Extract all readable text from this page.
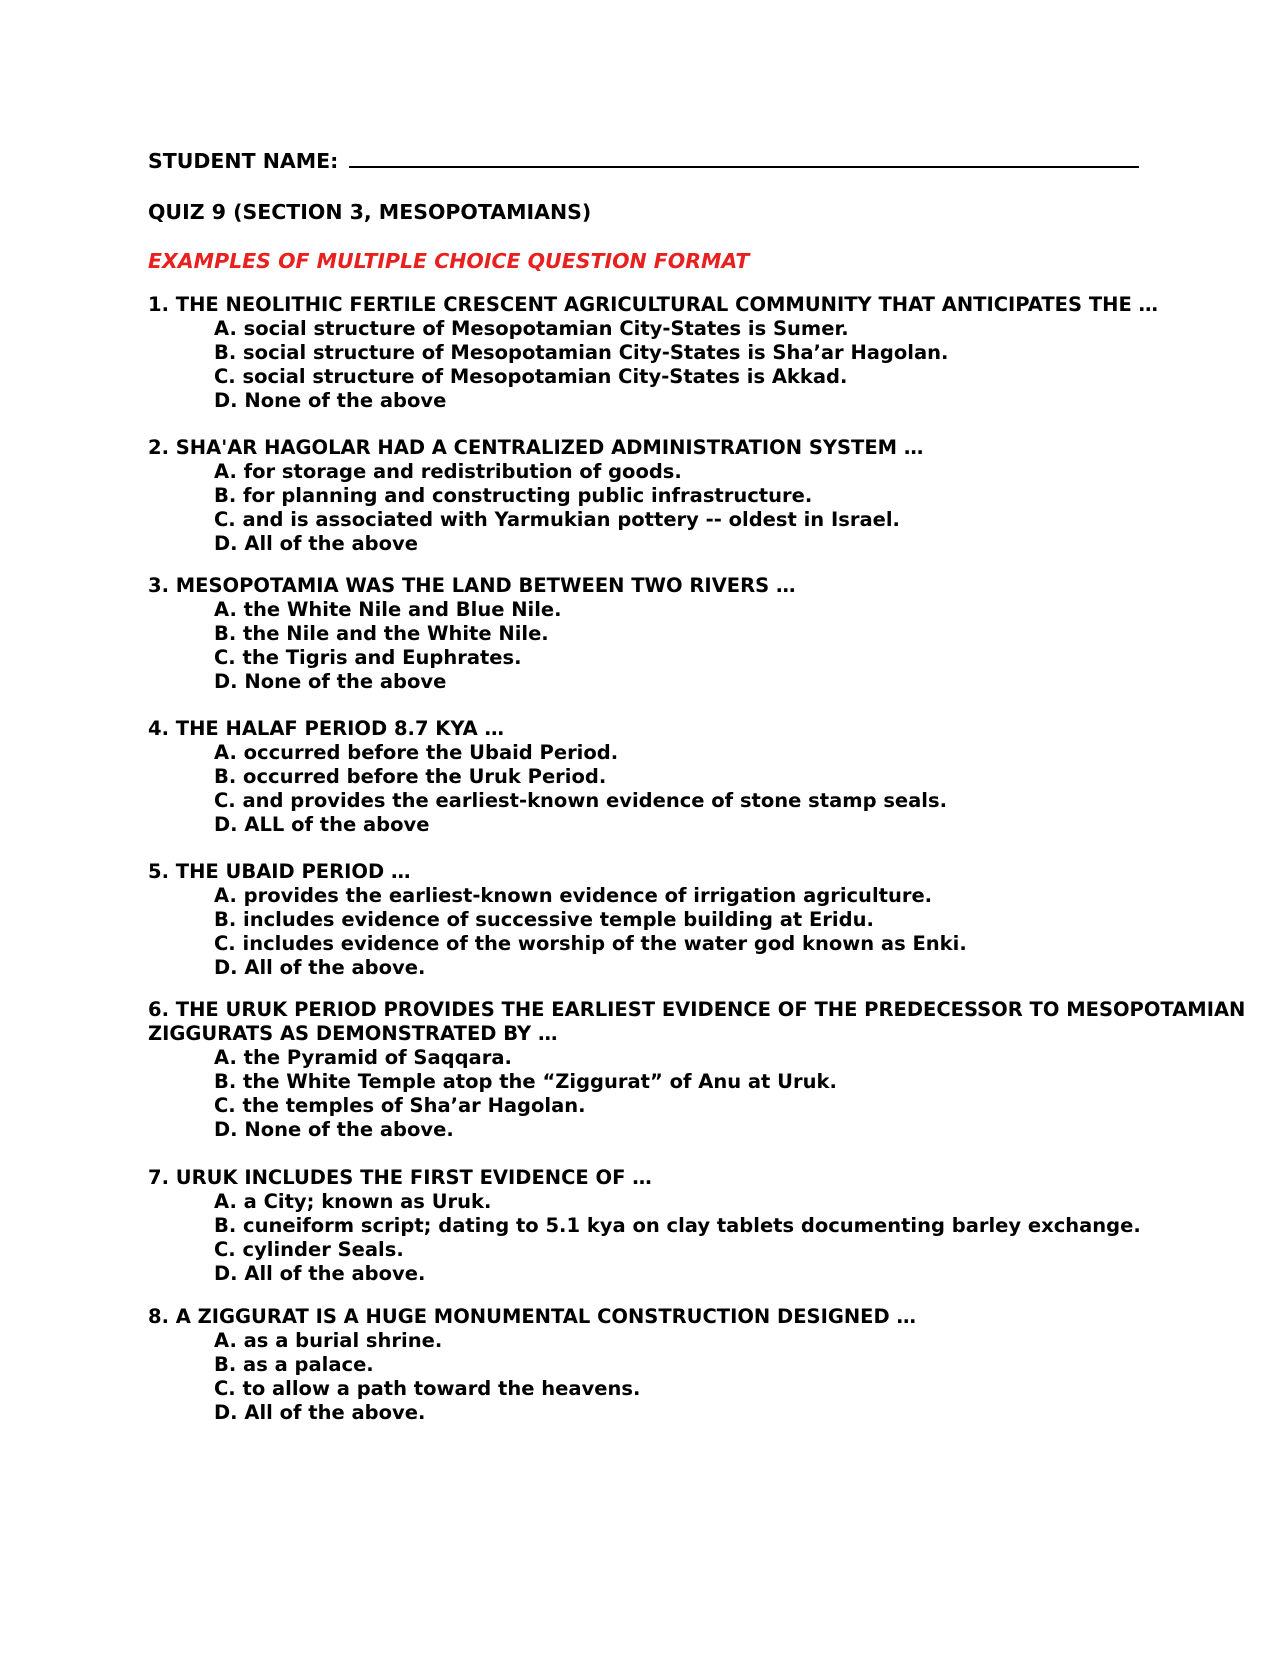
STUDENT NAME:
QUIZ 9 (SECTION 3, MESOPOTAMIANS)
EXAMPLES OF MULTIPLE CHOICE QUESTION FORMAT
1. THE NEOLITHIC FERTILE CRESCENT AGRICULTURAL COMMUNITY THAT ANTICIPATES THE …
A. social structure of Mesopotamian City-States is Sumer.
B. social structure of Mesopotamian City-States is Sha’ar Hagolan.
C. social structure of Mesopotamian City-States is Akkad.
D. None of the above
2. SHA'AR HAGOLAR HAD A CENTRALIZED ADMINISTRATION SYSTEM …
A. for storage and redistribution of goods.
B. for planning and constructing public infrastructure.
C. and is associated with Yarmukian pottery -- oldest in Israel.
D. All of the above
3. MESOPOTAMIA WAS THE LAND BETWEEN TWO RIVERS …
A. the White Nile and Blue Nile.
B. the Nile and the White Nile.
C. the Tigris and Euphrates.
D. None of the above
4. THE HALAF PERIOD 8.7 KYA …
A. occurred before the Ubaid Period.
B. occurred before the Uruk Period.
C. and provides the earliest-known evidence of stone stamp seals.
D. ALL of the above
5. THE UBAID PERIOD …
A. provides the earliest-known evidence of irrigation agriculture.
B. includes evidence of successive temple building at Eridu.
C. includes evidence of the worship of the water god known as Enki.
D. All of the above.
6. THE URUK PERIOD PROVIDES THE EARLIEST EVIDENCE OF THE PREDECESSOR TO MESOPOTAMIAN
ZIGGURATS AS DEMONSTRATED BY …
A. the Pyramid of Saqqara.
B. the White Temple atop the “Ziggurat” of Anu at Uruk.
C. the temples of Sha’ar Hagolan.
D. None of the above.
7. URUK INCLUDES THE FIRST EVIDENCE OF …
A. a City; known as Uruk.
B. cuneiform script; dating to 5.1 kya on clay tablets documenting barley exchange.
C. cylinder Seals.
D. All of the above.
8. A ZIGGURAT IS A HUGE MONUMENTAL CONSTRUCTION DESIGNED …
A. as a burial shrine.
B. as a palace.
C. to allow a path toward the heavens.
D. All of the above.
